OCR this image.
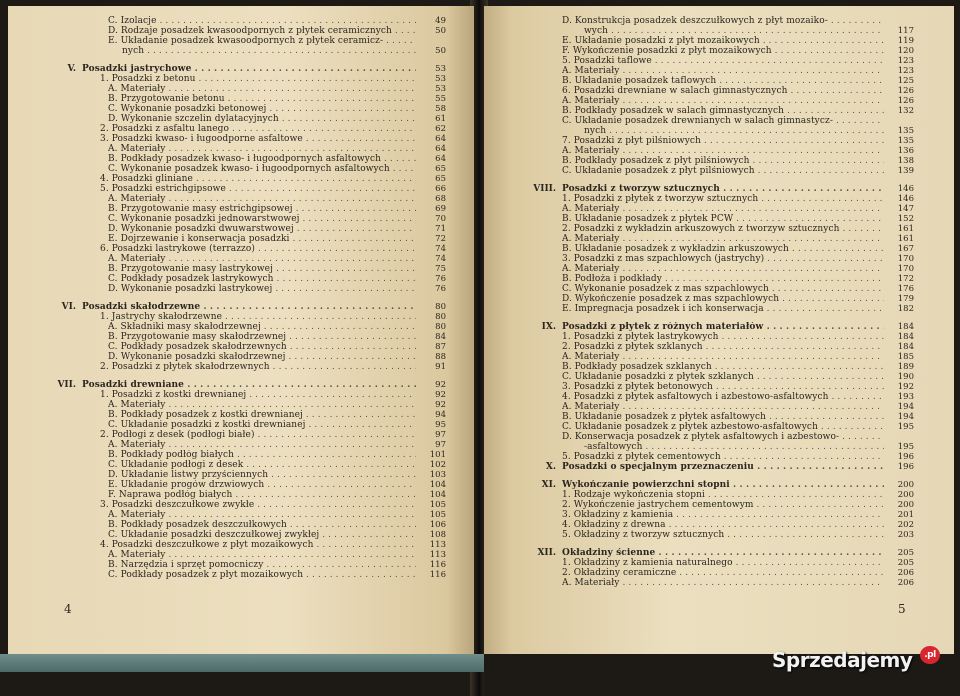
C. Izolacje . . .	49
D. Rodzaje posadzek kwasoodpornych z płytek ceramicznych . . .	50
E. Układanie posadzek kwasoodpornych z płytek ceramicz- . . .
nych . . .	50
V. Posadzki jastrychowe . . .	53
1. Posadzki z betonu . . .	53
A. Materiały . . .	53
B. Przygotowanie betonu . . .	55
C. Wykonanie posadzki betonowej . . .	58
D. Wykonanie szczelin dylatacyjnych . . .	61
2. Posadzki z asfaltu lanego . . .	62
3. Posadzki kwaso- i ługoodporne asfaltowe . . .	64
A. Materiały . . .	64
B. Podkłady posadzek kwaso- i ługoodpornych asfaltowych . . .	64
C. Wykonanie posadzek kwaso- i ługoodpornych asfaltowych . . .	65
4. Posadzki gliniane . . .	65
5. Posadzki estrichgipsowe . . .	66
A. Materiały . . .	68
B. Przygotowanie masy estrichgipsowej . . .	69
C. Wykonanie posadzki jednowarstwowej . . .	70
D. Wykonanie posadzki dwuwarstwowej . . .	71
E. Dojrzewanie i konserwacja posadzki . . .	72
6. Posadzki lastrykowe (terrazzo) . . .	74
A. Materiały . . .	74
B. Przygotowanie masy lastrykowej . . .	75
C. Podkłady posadzek lastrykowych . . .	76
D. Wykonanie posadzki lastrykowej . . .	76
VI. Posadzki skałodrzewne . . .	80
1. Jastrychy skałodrzewne . . .	80
A. Składniki masy skałodrzewnej . . .	80
B. Przygotowanie masy skałodrzewnej . . .	84
C. Podkłady posadzek skałodrzewnych . . .	87
D. Wykonanie posadzki skałodrzewnej . . .	88
2. Posadzki z płytek skałodrzewnych . . .	91
VII. Posadzki drewniane . . .	92
1. Posadzki z kostki drewnianej . . .	92
A. Materiały . . .	92
B. Podkłady posadzek z kostki drewnianej . . .	94
C. Układanie posadzki z kostki drewnianej . . .	95
2. Podłogi z desek (podłogi białe) . . .	97
A. Materiały . . .	97
B. Podkłady podłóg białych . . .	101
C. Układanie podłogi z desek . . .	102
D. Układanie listwy przyściennych . . .	103
E. Układanie progów drzwiowych . . .	104
F. Naprawa podłóg białych . . .	104
3. Posadzki deszczułkowe zwykłe . . .	105
A. Materiały . . .	105
B. Podkłady posadzek deszczułkowych . . .	106
C. Układanie posadzki deszczułkowej zwykłej . . .	108
4. Posadzki deszczułkowe z płyt mozaikowych . . .	113
A. Materiały . . .	113
B. Narzędzia i sprzęt pomocniczy . . .	116
C. Podkłady posadzek z płyt mozaikowych . . .	116
4
D. Konstrukcja posadzek deszczułkowych z płyt mozaiko- . . .
wych . . .	117
E. Układanie posadzki z płyt mozaikowych . . .	119
F. Wykończenie posadzki z płyt mozaikowych . . .	120
5. Posadzki taflowe . . .	123
A. Materiały . . .	123
B. Układanie posadzek taflowych . . .	125
6. Posadzki drewniane w salach gimnastycznych . . .	126
A. Materiały . . .	126
B. Podkłady posadzek w salach gimnastycznych . . .	132
C. Układanie posadzek drewnianych w salach gimnastycz- . . .
nych . . .	135
7. Posadzki z płyt pilśniowych . . .	135
A. Materiały . . .	136
B. Podkłady posadzek z płyt pilśniowych . . .	138
C. Układanie posadzek z płyt pilśniowych . . .	139
VIII. Posadzki z tworzyw sztucznych . . .	146
1. Posadzki z płytek z tworzyw sztucznych . . .	146
A. Materiały . . .	147
B. Układanie posadzek z płytek PCW . . .	152
2. Posadzki z wykładzin arkuszowych z tworzyw sztucznych . . .	161
A. Materiały . . .	161
B. Układanie posadzek z wykładzin arkuszowych . . .	167
3. Posadzki z mas szpachlowych (jastrychy) . . .	170
A. Materiały . . .	170
B. Podłoża i podkłady . . .	172
C. Wykonanie posadzek z mas szpachlowych . . .	176
D. Wykończenie posadzek z mas szpachlowych . . .	179
E. Impregnacja posadzek i ich konserwacja . . .	182
IX. Posadzki z płytek z różnych materiałów . . .	184
1. Posadzki z płytek lastrykowych . . .	184
2. Posadzki z płytek szklanych . . .	184
A. Materiały . . .	185
B. Podkłady posadzek szklanych . . .	189
C. Układanie posadzki z płytek szklanych . . .	190
3. Posadzki z płytek betonowych . . .	192
4. Posadzki z płytek asfaltowych i azbestowo-asfaltowych . . .	193
A. Materiały . . .	194
B. Układanie posadzek z płytek asfaltowych . . .	194
C. Układanie posadzek z płytek azbestowo-asfaltowych . . .	195
D. Konserwacja posadzek z płytek asfaltowych i azbestowo- . . .
-asfaltowych . . .	195
5. Posadzki z płytek cementowych . . .	196
X. Posadzki o specjalnym przeznaczeniu . . .	196
XI. Wykończanie powierzchni stopni . . .	200
1. Rodzaje wykończenia stopni . . .	200
2. Wykończenie jastrychem cementowym . . .	200
3. Okładziny z kamienia . . .	201
4. Okładziny z drewna . . .	202
5. Okładziny z tworzyw sztucznych . . .	203
XII. Okładziny ścienne . . .	205
1. Okładziny z kamienia naturalnego . . .	205
2. Okładziny ceramiczne . . .	206
A. Materiały . . .	206
5
Sprzedajemy	.pl
